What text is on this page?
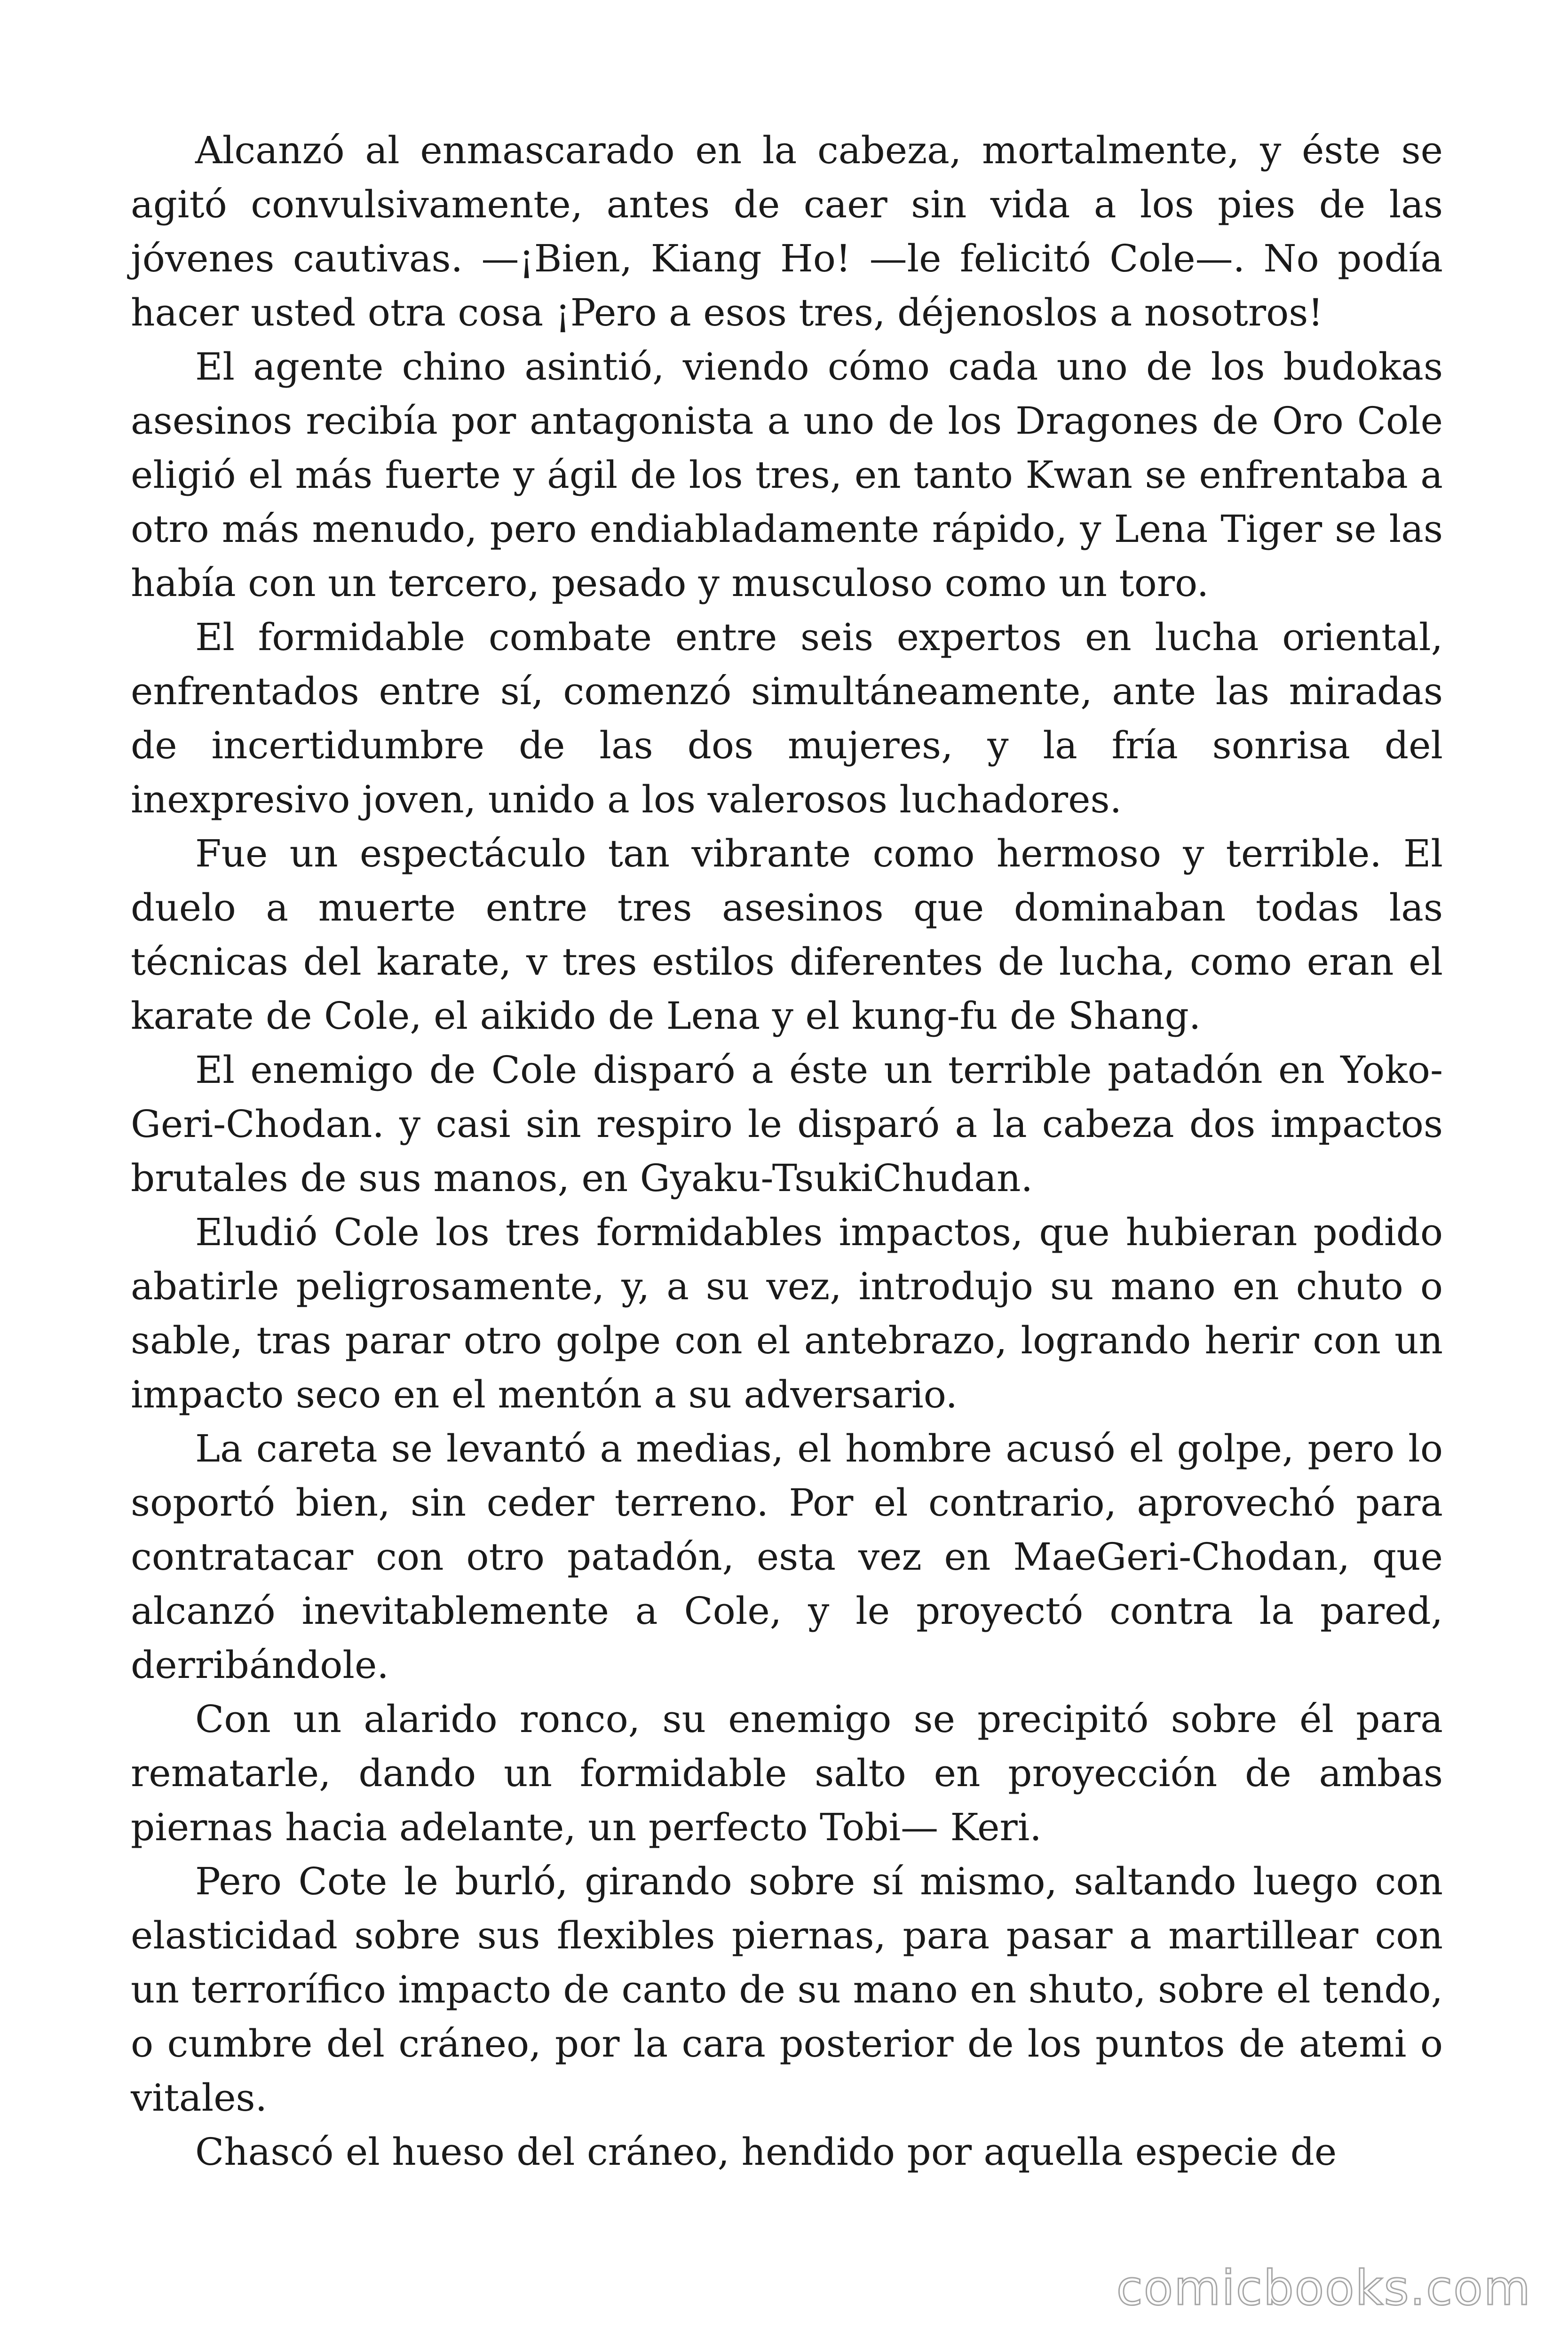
Alcanzó al enmascarado en la cabeza, mortalmente, y éste se agitó convulsivamente, antes de caer sin vida a los pies de las jóvenes cautivas. —¡Bien, Kiang Ho! —le felicitó Cole—. No podía hacer usted otra cosa ¡Pero a esos tres, déjenoslos a nosotros!

El agente chino asintió, viendo cómo cada uno de los budokas asesinos recibía por antagonista a uno de los Dragones de Oro Cole eligió el más fuerte y ágil de los tres, en tanto Kwan se enfrentaba a otro más menudo, pero endiabladamente rápido, y Lena Tiger se las había con un tercero, pesado y musculoso como un toro.

El formidable combate entre seis expertos en lucha oriental, enfrentados entre sí, comenzó simultáneamente, ante las miradas de incertidumbre de las dos mujeres, y la fría sonrisa del inexpresivo joven, unido a los valerosos luchadores.

Fue un espectáculo tan vibrante como hermoso y terrible. El duelo a muerte entre tres asesinos que dominaban todas las técnicas del karate, v tres estilos diferentes de lucha, como eran el karate de Cole, el aikido de Lena y el kung-fu de Shang.

El enemigo de Cole disparó a éste un terrible patadón en Yoko-Geri-Chodan. y casi sin respiro le disparó a la cabeza dos impactos brutales de sus manos, en Gyaku-TsukiChudan.

Eludió Cole los tres formidables impactos, que hubieran podido abatirle peligrosamente, y, a su vez, introdujo su mano en chuto o sable, tras parar otro golpe con el antebrazo, logrando herir con un impacto seco en el mentón a su adversario.

La careta se levantó a medias, el hombre acusó el golpe, pero lo soportó bien, sin ceder terreno. Por el contrario, aprovechó para contratacar con otro patadón, esta vez en MaeGeri-Chodan, que alcanzó inevitablemente a Cole, y le proyectó contra la pared, derribándole.

Con un alarido ronco, su enemigo se precipitó sobre él para rematarle, dando un formidable salto en proyección de ambas piernas hacia adelante, un perfecto Tobi— Keri.

Pero Cote le burló, girando sobre sí mismo, saltando luego con elasticidad sobre sus flexibles piernas, para pasar a martillear con un terrorífico impacto de canto de su mano en shuto, sobre el tendo, o cumbre del cráneo, por la cara posterior de los puntos de atemi o vitales.

Chascó el hueso del cráneo, hendido por aquella especie de

comicbooks.com
